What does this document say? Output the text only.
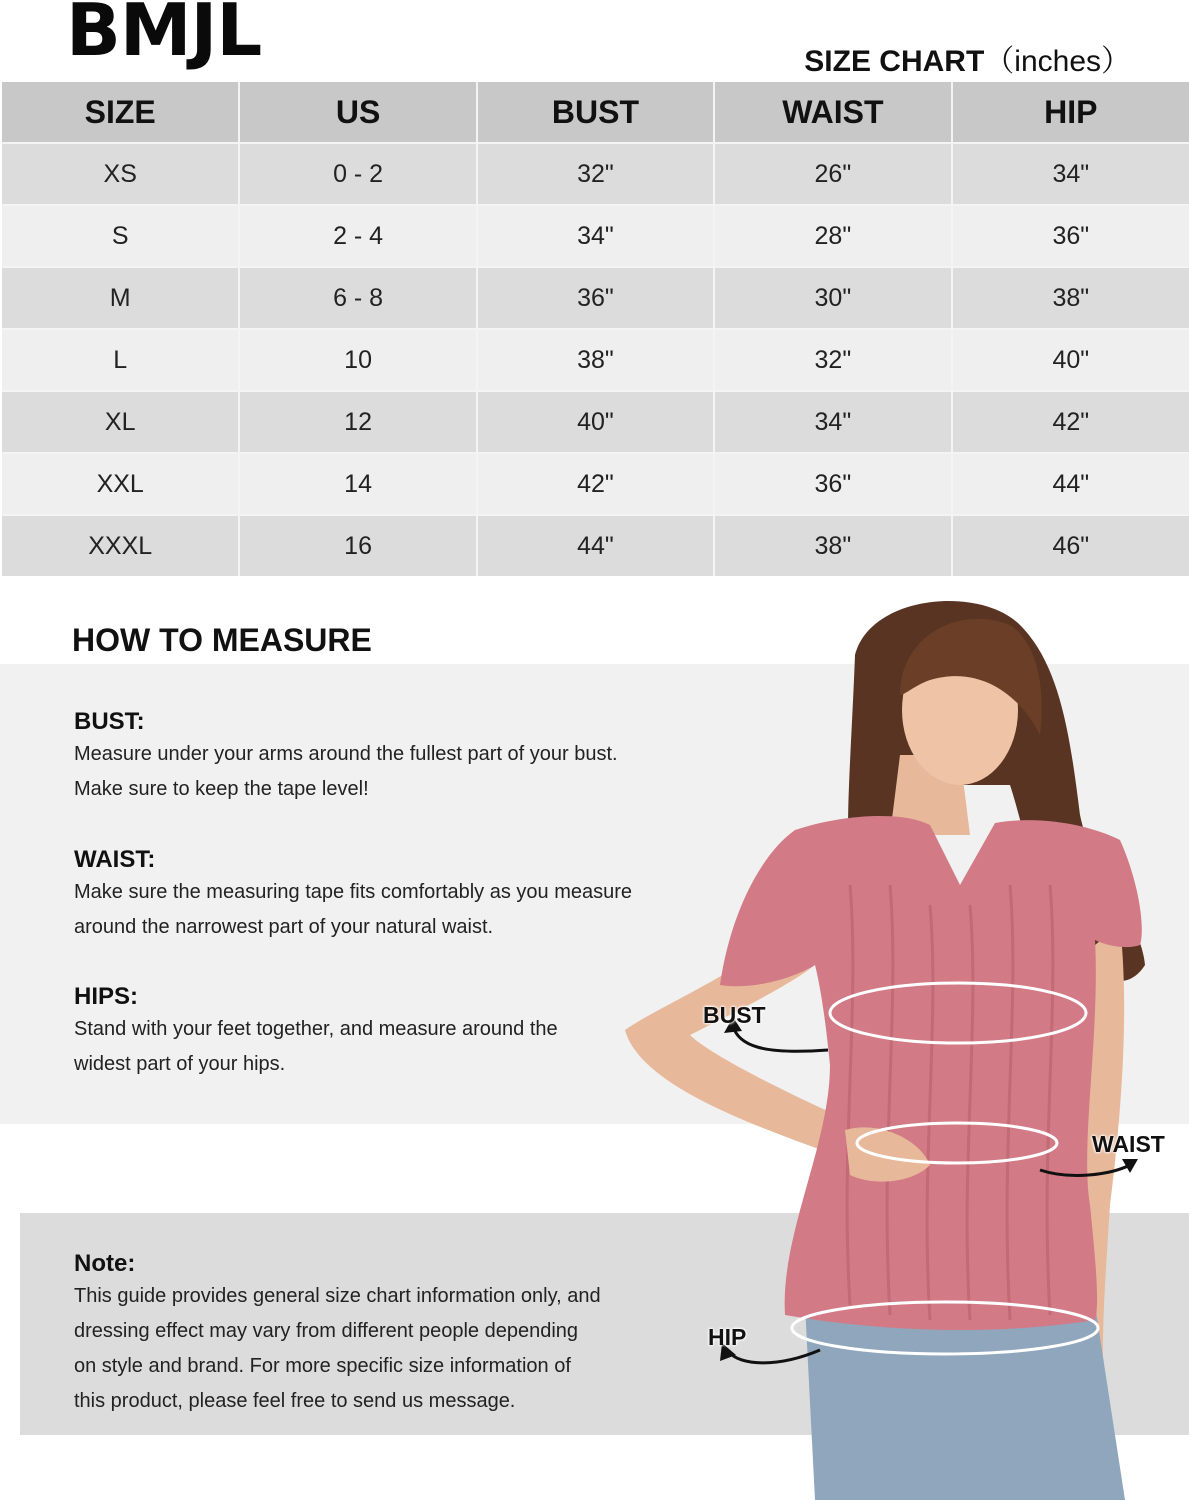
BMJL	SIZE CHART（inches）
SIZE	US	BUST	WAIST	HIP
XS	0 - 2	32"	26"	34"
S	2 - 4	34"	28"	36"
M	6 - 8	36"	30"	38"
L	10	38"	32"	40"
XL	12	40"	34"	42"
XXL	14	42"	36"	44"
XXXL	16	44"	38"	46"
HOW TO MEASURE
BUST:
Measure under your arms around the fullest part of your bust.
Make sure to keep the tape level!
WAIST:
Make sure the measuring tape fits comfortably as you measure
around the narrowest part of your natural waist.
HIPS:
Stand with your feet together, and measure around the
widest part of your hips.
Note:
This guide provides general size chart information only, and
dressing effect may vary from different people depending
on style and brand. For more specific size information of
this product, please feel free to send us message.
BUST
WAIST
HIP
